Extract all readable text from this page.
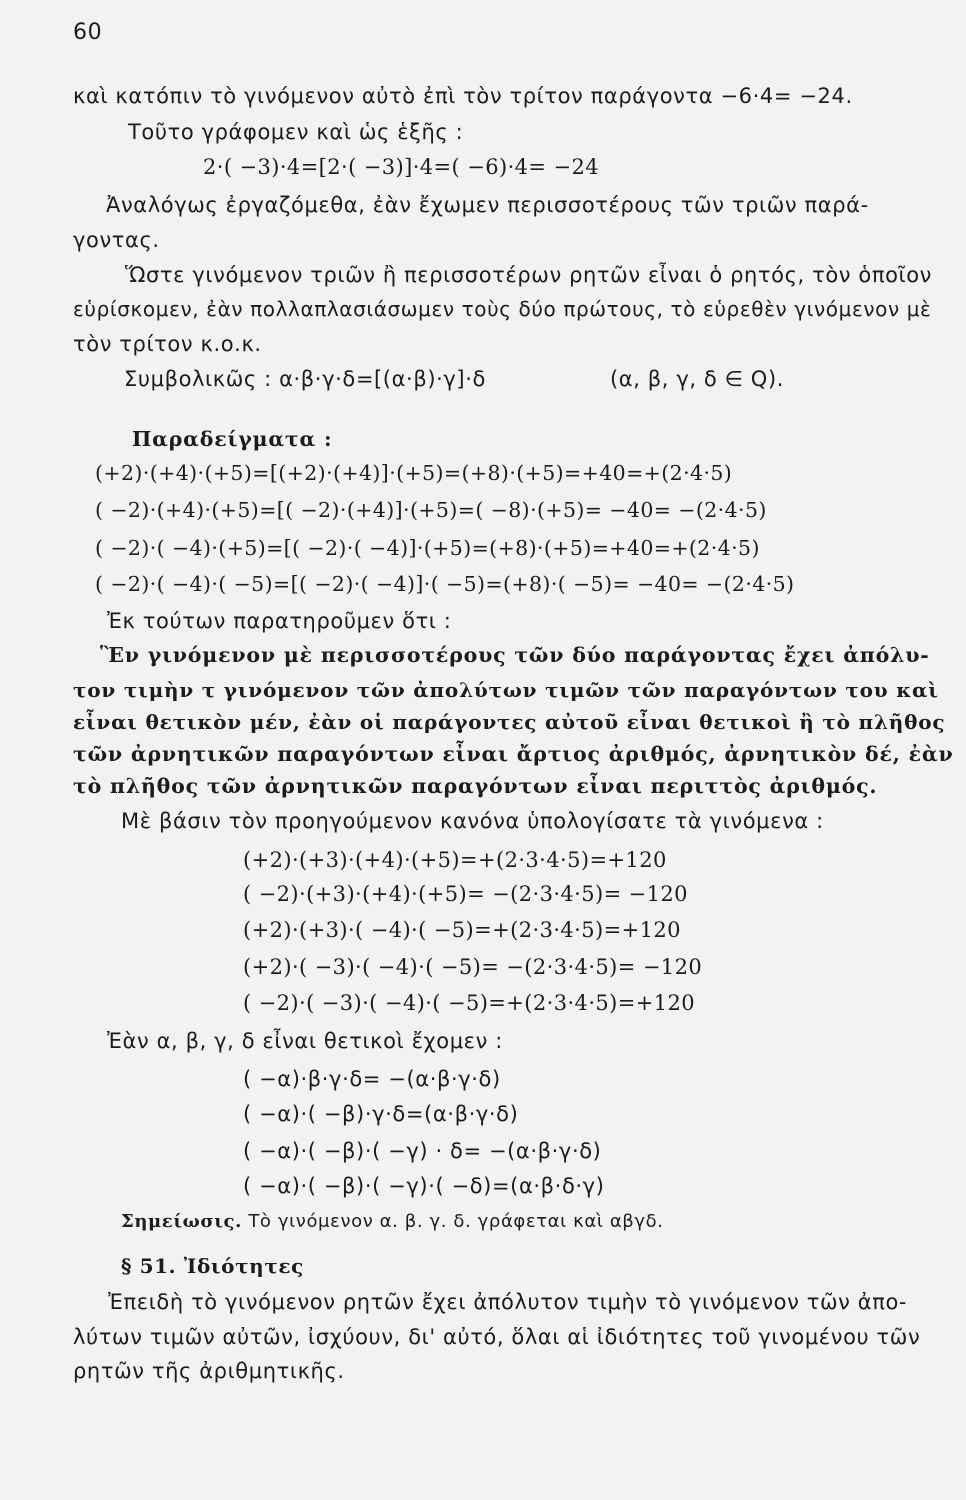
60
καὶ κατόπιν τὸ γινόμενον αὐτὸ ἐπὶ τὸν τρίτον παράγοντα −6·4= −24.
Τοῦτο γράφομεν καὶ ὡς ἑξῆς :
2·( −3)·4=[2·( −3)]·4=( −6)·4= −24
Ἀναλόγως ἐργαζόμεθα, ἐὰν ἔχωμεν περισσοτέρους τῶν τριῶν παρά-
γοντας.
Ὥστε γινόμενον τριῶν ἢ περισσοτέρων ρητῶν εἶναι ὁ ρητός, τὸν ὁποῖον
εὑρίσκομεν, ἐὰν πολλαπλασιάσωμεν τοὺς δύο πρώτους, τὸ εὑρεθὲν γινόμενον μὲ
τὸν τρίτον κ.ο.κ.
Συμβολικῶς : α·β·γ·δ=[(α·β)·γ]·δ	(α, β, γ, δ ∈ Q).
Παραδείγματα :
(+2)·(+4)·(+5)=[(+2)·(+4)]·(+5)=(+8)·(+5)=+40=+(2·4·5)
( −2)·(+4)·(+5)=[( −2)·(+4)]·(+5)=( −8)·(+5)= −40= −(2·4·5)
( −2)·( −4)·(+5)=[( −2)·( −4)]·(+5)=(+8)·(+5)=+40=+(2·4·5)
( −2)·( −4)·( −5)=[( −2)·( −4)]·( −5)=(+8)·( −5)= −40= −(2·4·5)
Ἐκ τούτων παρατηροῦμεν ὅτι :
Ἓν γινόμενον μὲ περισσοτέρους τῶν δύο παράγοντας ἔχει ἀπόλυ-
τον τιμὴν τ γινόμενον τῶν ἀπολύτων τιμῶν τῶν παραγόντων του καὶ
εἶναι θετικὸν μέν, ἐὰν οἱ παράγοντες αὐτοῦ εἶναι θετικοὶ ἢ τὸ πλῆθος
τῶν ἀρνητικῶν παραγόντων εἶναι ἄρτιος ἀριθμός, ἀρνητικὸν δέ, ἐὰν
τὸ πλῆθος τῶν ἀρνητικῶν παραγόντων εἶναι περιττὸς ἀριθμός.
Μὲ βάσιν τὸν προηγούμενον κανόνα ὑπολογίσατε τὰ γινόμενα :
(+2)·(+3)·(+4)·(+5)=+(2·3·4·5)=+120
( −2)·(+3)·(+4)·(+5)= −(2·3·4·5)= −120
(+2)·(+3)·( −4)·( −5)=+(2·3·4·5)=+120
(+2)·( −3)·( −4)·( −5)= −(2·3·4·5)= −120
( −2)·( −3)·( −4)·( −5)=+(2·3·4·5)=+120
Ἐὰν α, β, γ, δ εἶναι θετικοὶ ἔχομεν :
( −α)·β·γ·δ= −(α·β·γ·δ)
( −α)·( −β)·γ·δ=(α·β·γ·δ)
( −α)·( −β)·( −γ) · δ= −(α·β·γ·δ)
( −α)·( −β)·( −γ)·( −δ)=(α·β·δ·γ)
Σημείωσις. Τὸ γινόμενον α. β. γ. δ. γράφεται καὶ αβγδ.
§ 51. Ἰδιότητες
Ἐπειδὴ τὸ γινόμενον ρητῶν ἔχει ἀπόλυτον τιμὴν τὸ γινόμενον τῶν ἀπο-
λύτων τιμῶν αὐτῶν, ἰσχύουν, δι' αὐτό, ὅλαι αἱ ἰδιότητες τοῦ γινομένου τῶν
ρητῶν τῆς ἀριθμητικῆς.
